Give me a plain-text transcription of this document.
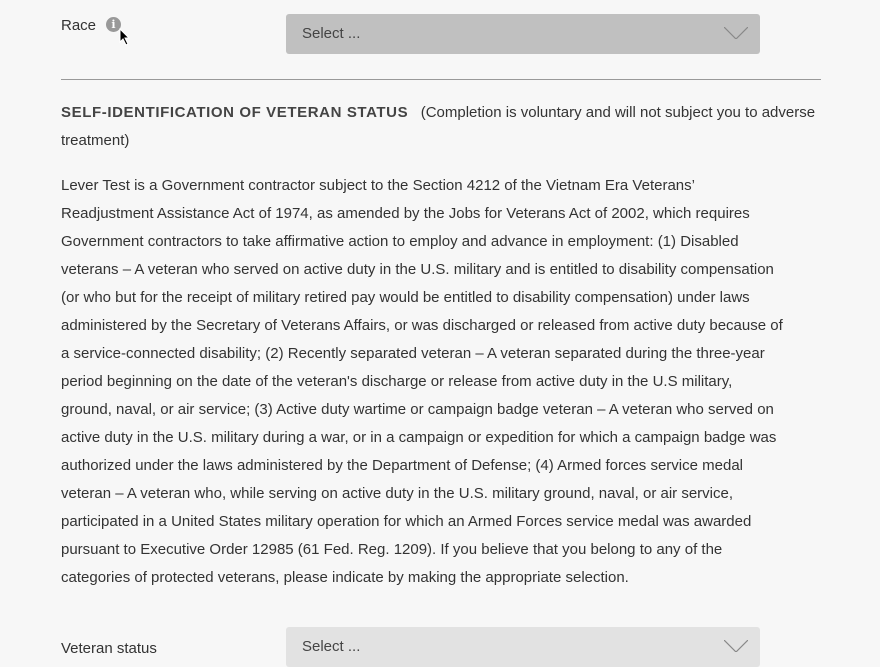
Race	i
Select ...
SELF-IDENTIFICATION OF VETERAN STATUS (Completion is voluntary and will not subject you to adverse treatment)
Lever Test is a Government contractor subject to the Section 4212 of the Vietnam Era Veterans’
Readjustment Assistance Act of 1974, as amended by the Jobs for Veterans Act of 2002, which requires
Government contractors to take affirmative action to employ and advance in employment: (1) Disabled
veterans – A veteran who served on active duty in the U.S. military and is entitled to disability compensation
(or who but for the receipt of military retired pay would be entitled to disability compensation) under laws
administered by the Secretary of Veterans Affairs, or was discharged or released from active duty because of
a service-connected disability; (2) Recently separated veteran – A veteran separated during the three-year
period beginning on the date of the veteran's discharge or release from active duty in the U.S military,
ground, naval, or air service; (3) Active duty wartime or campaign badge veteran – A veteran who served on
active duty in the U.S. military during a war, or in a campaign or expedition for which a campaign badge was
authorized under the laws administered by the Department of Defense; (4) Armed forces service medal
veteran – A veteran who, while serving on active duty in the U.S. military ground, naval, or air service,
participated in a United States military operation for which an Armed Forces service medal was awarded
pursuant to Executive Order 12985 (61 Fed. Reg. 1209). If you believe that you belong to any of the
categories of protected veterans, please indicate by making the appropriate selection.
Veteran status	Select ...
